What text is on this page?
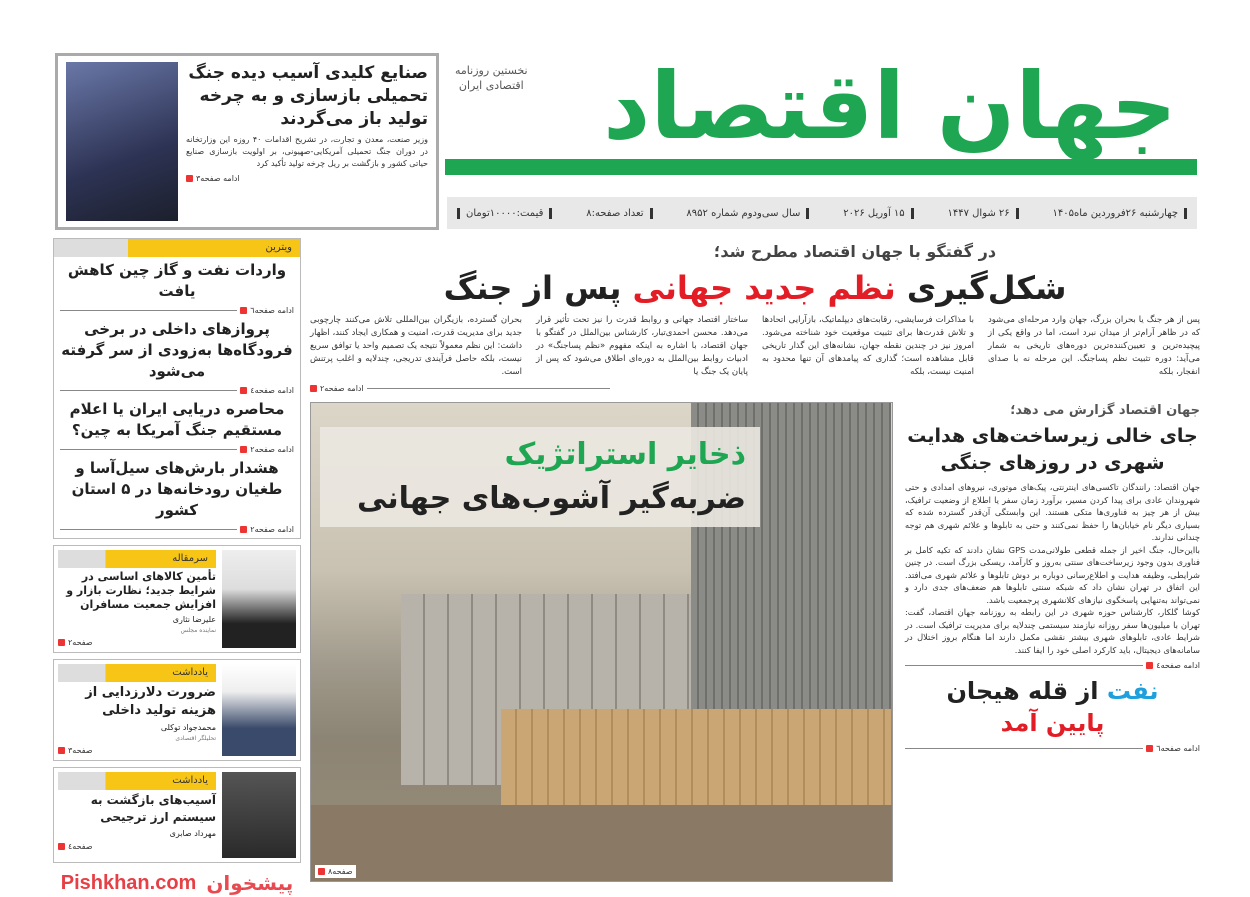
صنایع کلیدی آسیب دیده جنگ تحمیلی بازسازی و به چرخه تولید باز می‌گردند
وزیر صنعت، معدن و تجارت، در تشریح اقدامات ۴۰ روزه این وزارتخانه در دوران جنگ تحمیلی آمریکایی-صهیونی، بر اولویت بازسازی صنایع حیاتی کشور و بازگشت بر ریل چرخه تولید تأکید کرد
ادامه صفحه۳
جهان اقتصاد
نخستین روزنامه
اقتصادی ایران
چهارشنبه ۲۶فروردین ماه۱۴۰۵
۲۶ شوال ۱۴۴۷
۱۵ آوریل ۲۰۲۶
سال سی‌ودوم شماره ۸۹۵۲
تعداد صفحه:۸
قیمت:۱۰۰۰۰تومان
در گفتگو با جهان اقتصاد مطرح شد؛
شکل‌گیری نظم جدید جهانی پس از جنگ
پس از هر جنگ یا بحران بزرگ، جهان وارد مرحله‌ای می‌شود که در ظاهر آرام‌تر از میدان نبرد است، اما در واقع یکی از پیچیده‌ترین و تعیین‌کننده‌ترین دوره‌های تاریخی به شمار می‌آید: دوره تثبیت نظم پساجنگ. این مرحله نه با صدای انفجار، بلکه
با مذاکرات فرسایشی، رقابت‌های دیپلماتیک، بازآرایی اتحادها و تلاش قدرت‌ها برای تثبیت موقعیت خود شناخته می‌شود. امروز نیز در چندین نقطه جهان، نشانه‌های این گذار تاریخی قابل مشاهده است؛ گذاری که پیامدهای آن تنها محدود به امنیت نیست، بلکه
ساختار اقتصاد جهانی و روابط قدرت را نیز تحت تأثیر قرار می‌دهد. محسن احمدی‌تبار، کارشناس بین‌الملل در گفتگو با جهان اقتصاد، با اشاره به اینکه مفهوم «نظم پساجنگ» در ادبیات روابط بین‌الملل به دوره‌ای اطلاق می‌شود که پس از پایان یک جنگ یا
بحران گسترده، بازیگران بین‌المللی تلاش می‌کنند چارچوبی جدید برای مدیریت قدرت، امنیت و همکاری ایجاد کنند، اظهار داشت: این نظم معمولاً نتیجه یک تصمیم واحد یا توافق سریع نیست، بلکه حاصل فرآیندی تدریجی، چندلایه و اغلب پرتنش است.
ادامه صفحه۲
ذخایر استراتژیک
ضربه‌گیر آشوب‌های جهانی
صفحه۸
جهان اقتصاد گزارش می دهد؛
جای خالی زیرساخت‌های هدایت شهری در روزهای جنگی

جهان اقتصاد: رانندگان تاکسی‌های اینترنتی، پیک‌های موتوری، نیروهای امدادی و حتی شهروندان عادی برای پیدا کردن مسیر، برآورد زمان سفر یا اطلاع از وضعیت ترافیک، بیش از هر چیز به فناوری‌ها متکی هستند. این وابستگی آن‌قدر گسترده شده که بسیاری دیگر نام خیابان‌ها را حفظ نمی‌کنند و حتی به تابلوها و علائم شهری هم توجه چندانی ندارند.

بااین‌حال، جنگ اخیر از جمله قطعی طولانی‌مدت GPS نشان دادند که تکیه کامل بر فناوری بدون وجود زیرساخت‌های سنتی به‌روز و کارآمد، ریسکی بزرگ است. در چنین شرایطی، وظیفه هدایت و اطلاع‌رسانی دوباره بر دوش تابلوها و علائم شهری می‌افتد. این اتفاق در تهران نشان داد که شبکه سنتی تابلوها هم ضعف‌های جدی دارد و نمی‌تواند به‌تنهایی پاسخگوی نیازهای کلانشهری پرجمعیت باشد.

کوشا گلکار، کارشناس حوزه شهری در این رابطه به روزنامه جهان اقتصاد، گفت: تهران با میلیون‌ها سفر روزانه نیازمند سیستمی چندلایه برای مدیریت ترافیک است. در شرایط عادی، تابلوهای شهری بیشتر نقشی مکمل دارند اما هنگام بروز اختلال در سامانه‌های دیجیتال، باید کارکرد اصلی خود را ایفا کنند.

ادامه صفحه٤
نفت از قله هیجان
پایین آمد
ادامه صفحه٦
ویترین
واردات نفت و گاز چین کاهش یافت
ادامه صفحه٦
پروازهای داخلی در برخی فرودگاه‌ها به‌زودی از سر گرفته می‌شود
ادامه صفحه٤
محاصره دریایی ایران یا اعلام مستقیم جنگ آمریکا به چین؟
ادامه صفحه۲
هشدار بارش‌های سیل‌آسا و طغیان رودخانه‌ها در ۵ استان کشور
ادامه صفحه۲
سرمقاله
تأمین کالاهای اساسی در شرایط جدید؛ نظارت بازار و افزایش جمعیت مسافران
علیرضا نثاری
نماینده مجلس
صفحه۲
یادداشت
ضرورت دلارزدایی از هزینه تولید داخلی
محمدجواد توکلی
تحلیلگر اقتصادی
صفحه۳
یادداشت
آسیب‌های بازگشت به سیستم ارز ترجیحی
مهرداد صابری
صفحه٤
Pishkhan.com پیشخوان
